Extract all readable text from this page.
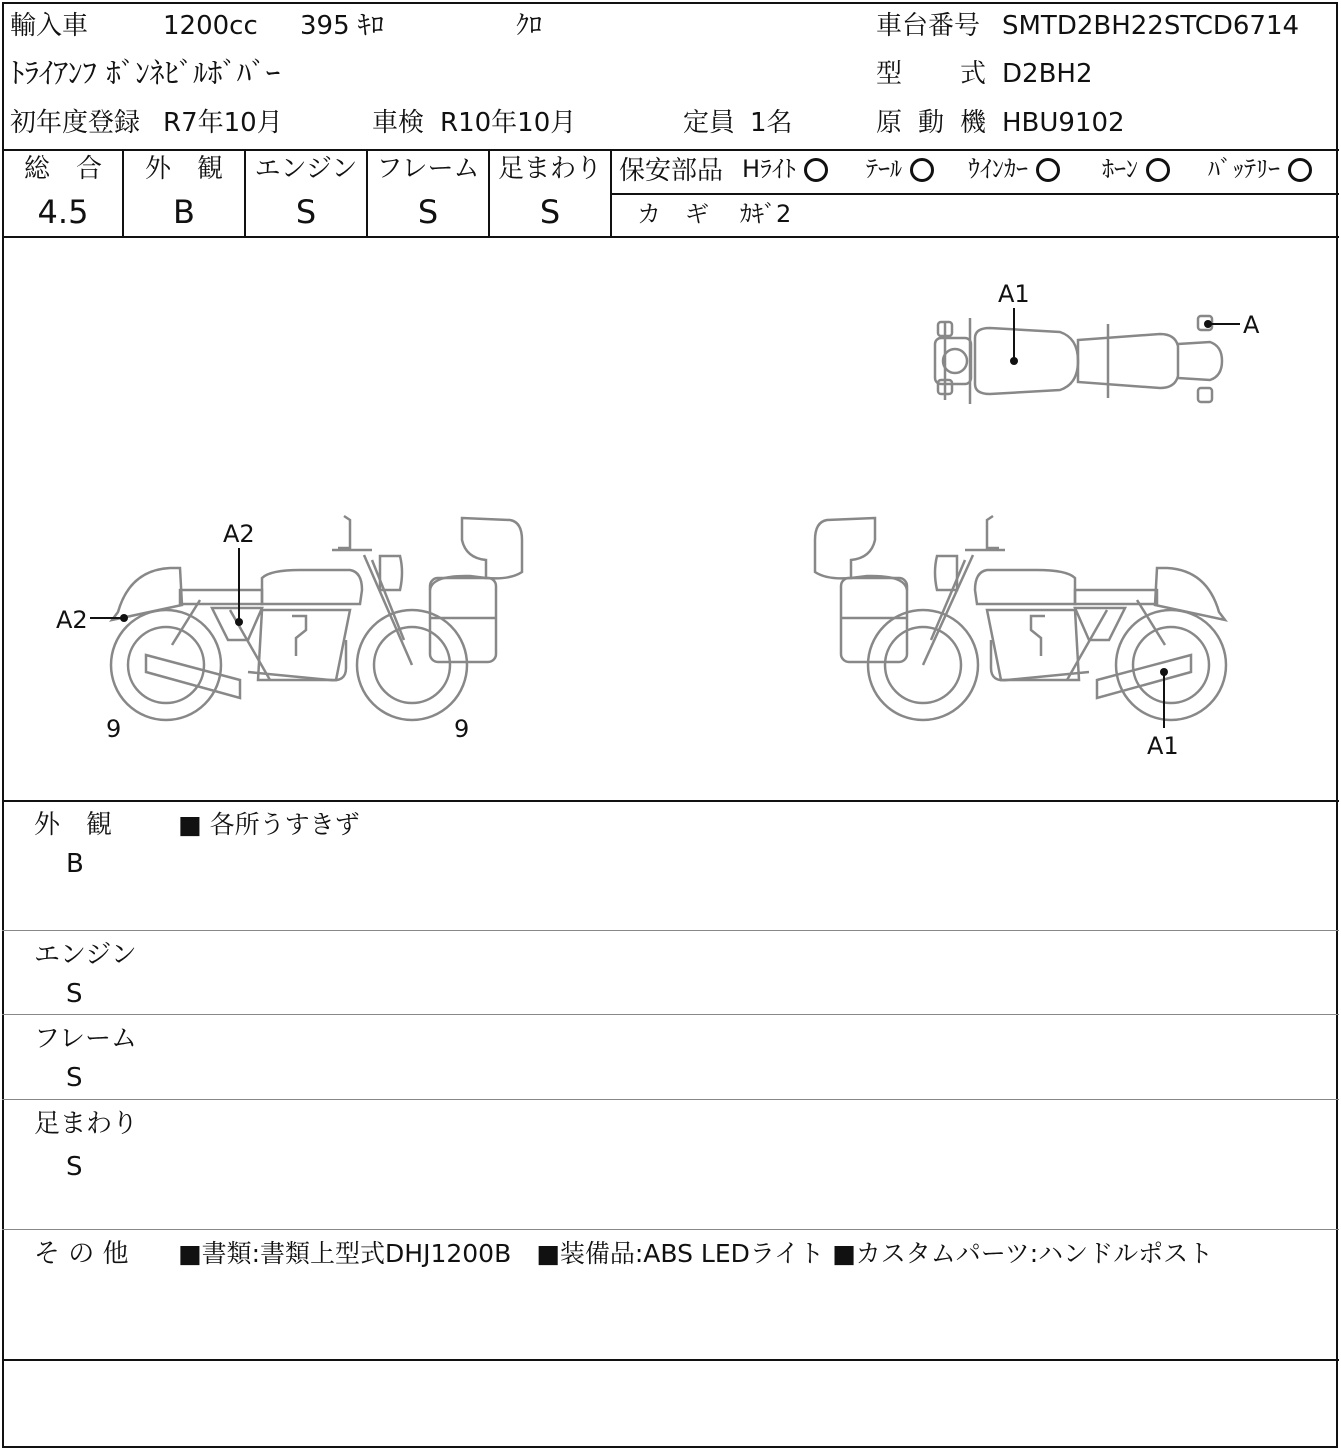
輸入車	1200cc 395 ｷﾛ	ｸﾛ	車台番号 SMTD2BH22STCD6714
ﾄﾗｲｱﾝﾌ ﾎﾞﾝﾈﾋﾞﾙﾎﾞﾊﾞｰ	型 式 D2BH2
初年度登録 R7年10月	車検 R10年10月	定員 1名	原 動 機 HBU9102
総　合
4.5
外　観
B
エンジン
S
フレーム
S
足まわり
S
保安部品 Hﾗｲﾄ	ﾃｰﾙ	ｳｲﾝｶｰ	ﾎｰﾝ	ﾊﾞｯﾃﾘｰ
カ　ギ ｶｷﾞ2
A1
A
A2
A2
9	9
A1
外　観	■ 各所うすきず
B
エンジン
S
フレーム
S
足まわり
S
そ の 他 ■書類:書類上型式DHJ1200B　■装備品:ABS LEDライト ■カスタムパーツ:ハンドルポスト
